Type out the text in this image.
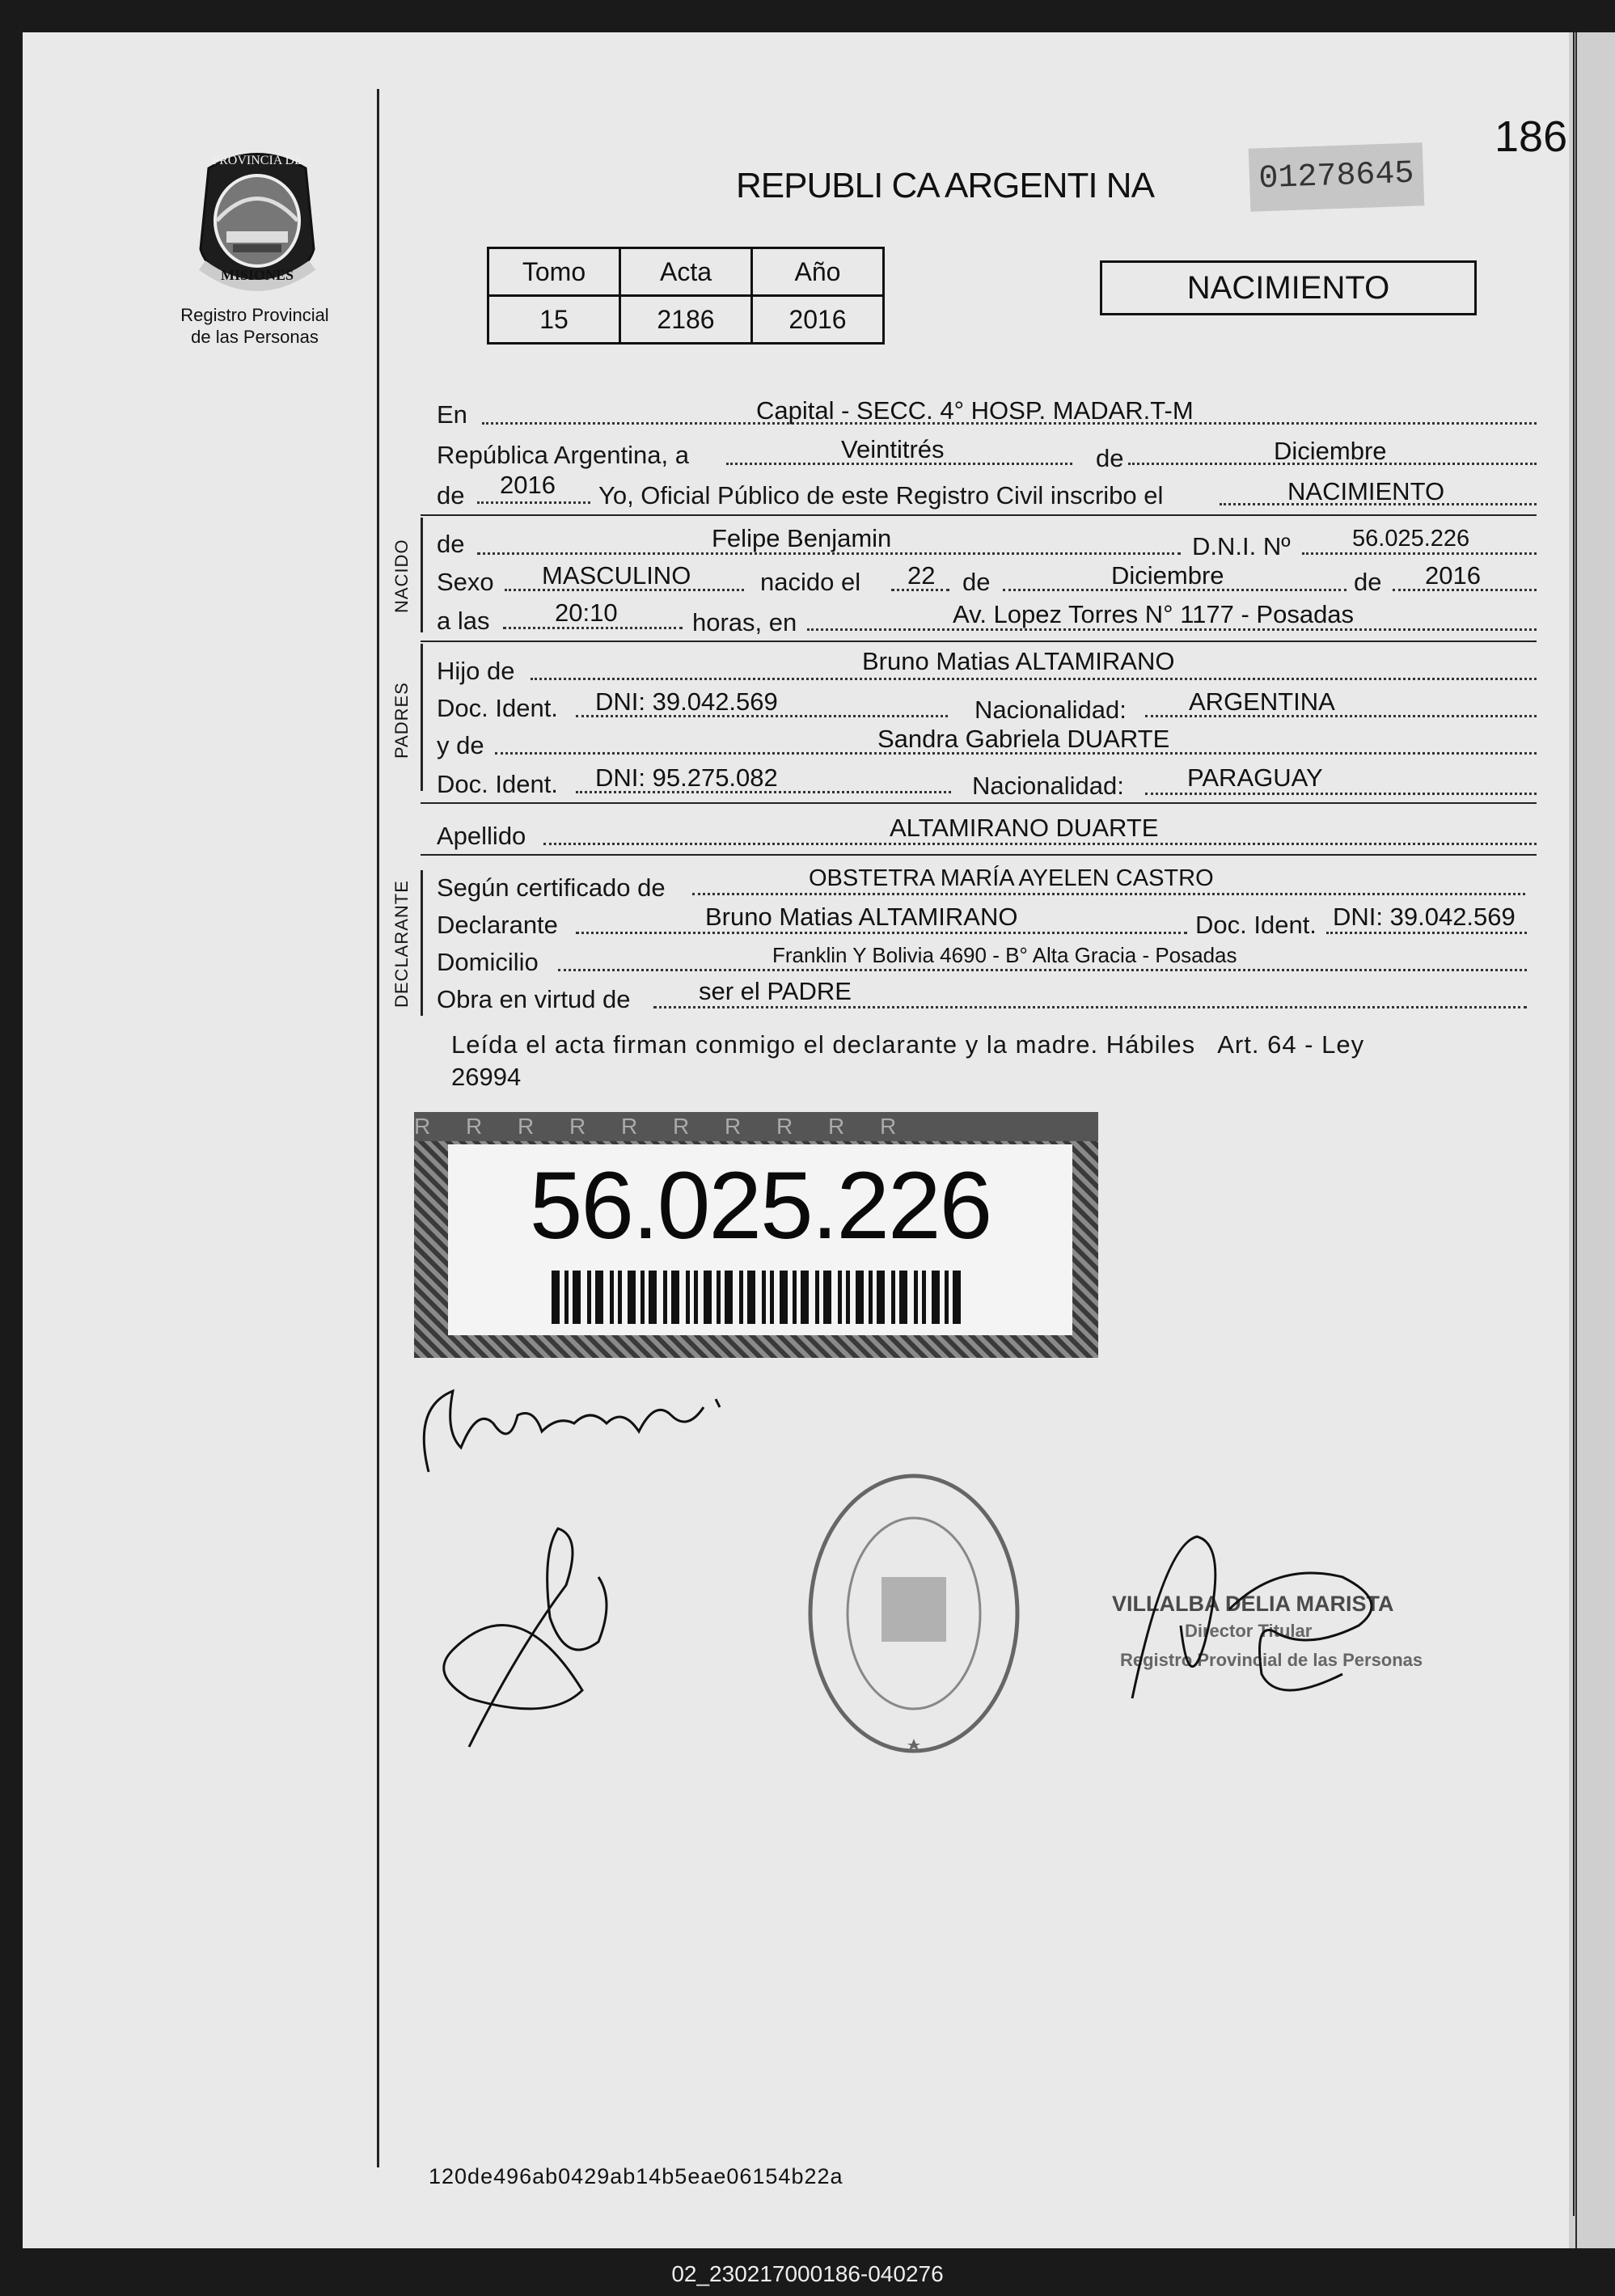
186
PROVINCIA DE
MISIONES
Registro Provincial
de las Personas
REPUBLI CA ARGENTI NA	01278645
Tomo	Acta	Año
15	2186	2016
NACIMIENTO
En	Capital - SECC. 4° HOSP. MADAR.T-M
República Argentina, a	Veintitrés	de	Diciembre
de 2016 Yo, Oficial Público de este Registro Civil inscribo el	NACIMIENTO
NACIDO de	Felipe Benjamin	D.N.I. Nº	56.025.226
Sexo MASCULINO	nacido el 22 de	Diciembre	de 2016
a las	20:10	horas, en	Av. Lopez Torres N° 1177 - Posadas
PADRES
Hijo de	Bruno Matias ALTAMIRANO
Doc. Ident. DNI: 39.042.569	Nacionalidad: ARGENTINA
y de	Sandra Gabriela DUARTE
Doc. Ident. DNI: 95.275.082	Nacionalidad:	PARAGUAY
Apellido	ALTAMIRANO DUARTE
DECLARANTE Según certificado de	OBSTETRA MARÍA AYELEN CASTRO
Declarante	Bruno Matias ALTAMIRANO	Doc. Ident. DNI: 39.042.569
Domicilio	Franklin Y Bolivia 4690 - B° Alta Gracia - Posadas
Obra en virtud de	ser el PADRE
Leída el acta firman conmigo el declarante y la madre. Hábiles   Art. 64 - Ley
26994
R R R R R R R R R R
56.025.226
VILLALBA DELIA MARISTA
Director Titular
Registro Provincial de las Personas
120de496ab0429ab14b5eae06154b22a
02_230217000186-040276
